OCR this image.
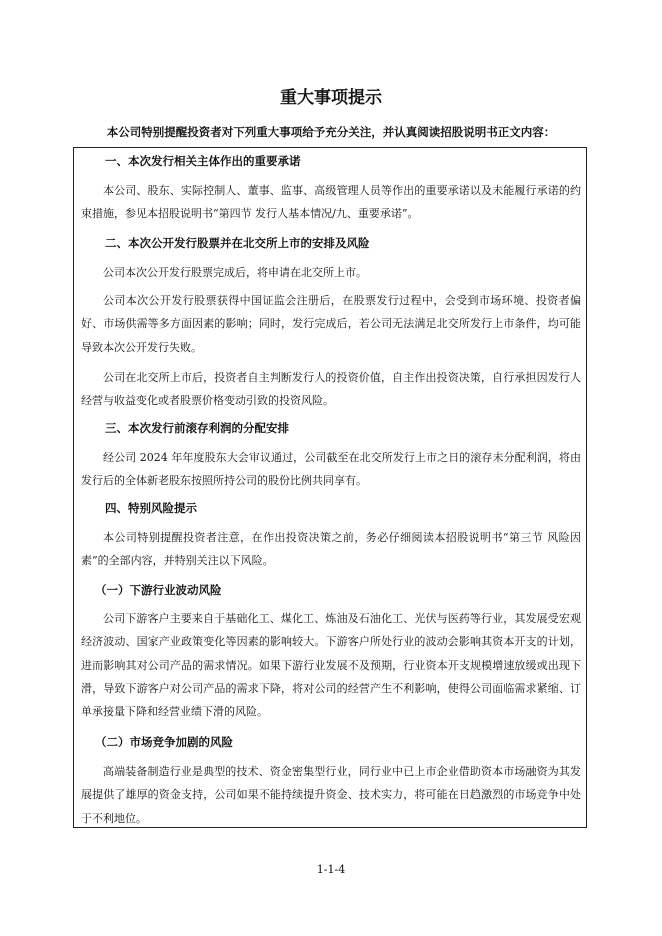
重大事项提示
本公司特别提醒投资者对下列重大事项给予充分关注，并认真阅读招股说明书正文内容：
一、本次发行相关主体作出的重要承诺
本公司、股东、实际控制人、董事、监事、高级管理人员等作出的重要承诺以及未能履行承诺的约束措施，参见本招股说明书“第四节 发行人基本情况/九、重要承诺”。
二、本次公开发行股票并在北交所上市的安排及风险
公司本次公开发行股票完成后，将申请在北交所上市。
公司本次公开发行股票获得中国证监会注册后，在股票发行过程中，会受到市场环境、投资者偏好、市场供需等多方面因素的影响；同时，发行完成后，若公司无法满足北交所发行上市条件，均可能导致本次公开发行失败。
公司在北交所上市后，投资者自主判断发行人的投资价值，自主作出投资决策，自行承担因发行人经营与收益变化或者股票价格变动引致的投资风险。
三、本次发行前滚存利润的分配安排
经公司 2024 年年度股东大会审议通过，公司截至在北交所发行上市之日的滚存未分配利润，将由发行后的全体新老股东按照所持公司的股份比例共同享有。
四、特别风险提示
本公司特别提醒投资者注意，在作出投资决策之前，务必仔细阅读本招股说明书“第三节 风险因素”的全部内容，并特别关注以下风险。
（一）下游行业波动风险
公司下游客户主要来自于基础化工、煤化工、炼油及石油化工、光伏与医药等行业，其发展受宏观经济波动、国家产业政策变化等因素的影响较大。下游客户所处行业的波动会影响其资本开支的计划，进而影响其对公司产品的需求情况。如果下游行业发展不及预期，行业资本开支规模增速放缓或出现下滑，导致下游客户对公司产品的需求下降，将对公司的经营产生不利影响，使得公司面临需求紧缩、订单承接量下降和经营业绩下滑的风险。
（二）市场竞争加剧的风险
高端装备制造行业是典型的技术、资金密集型行业，同行业中已上市企业借助资本市场融资为其发展提供了雄厚的资金支持，公司如果不能持续提升资金、技术实力，将可能在日趋激烈的市场竞争中处于不利地位。
1-1-4
